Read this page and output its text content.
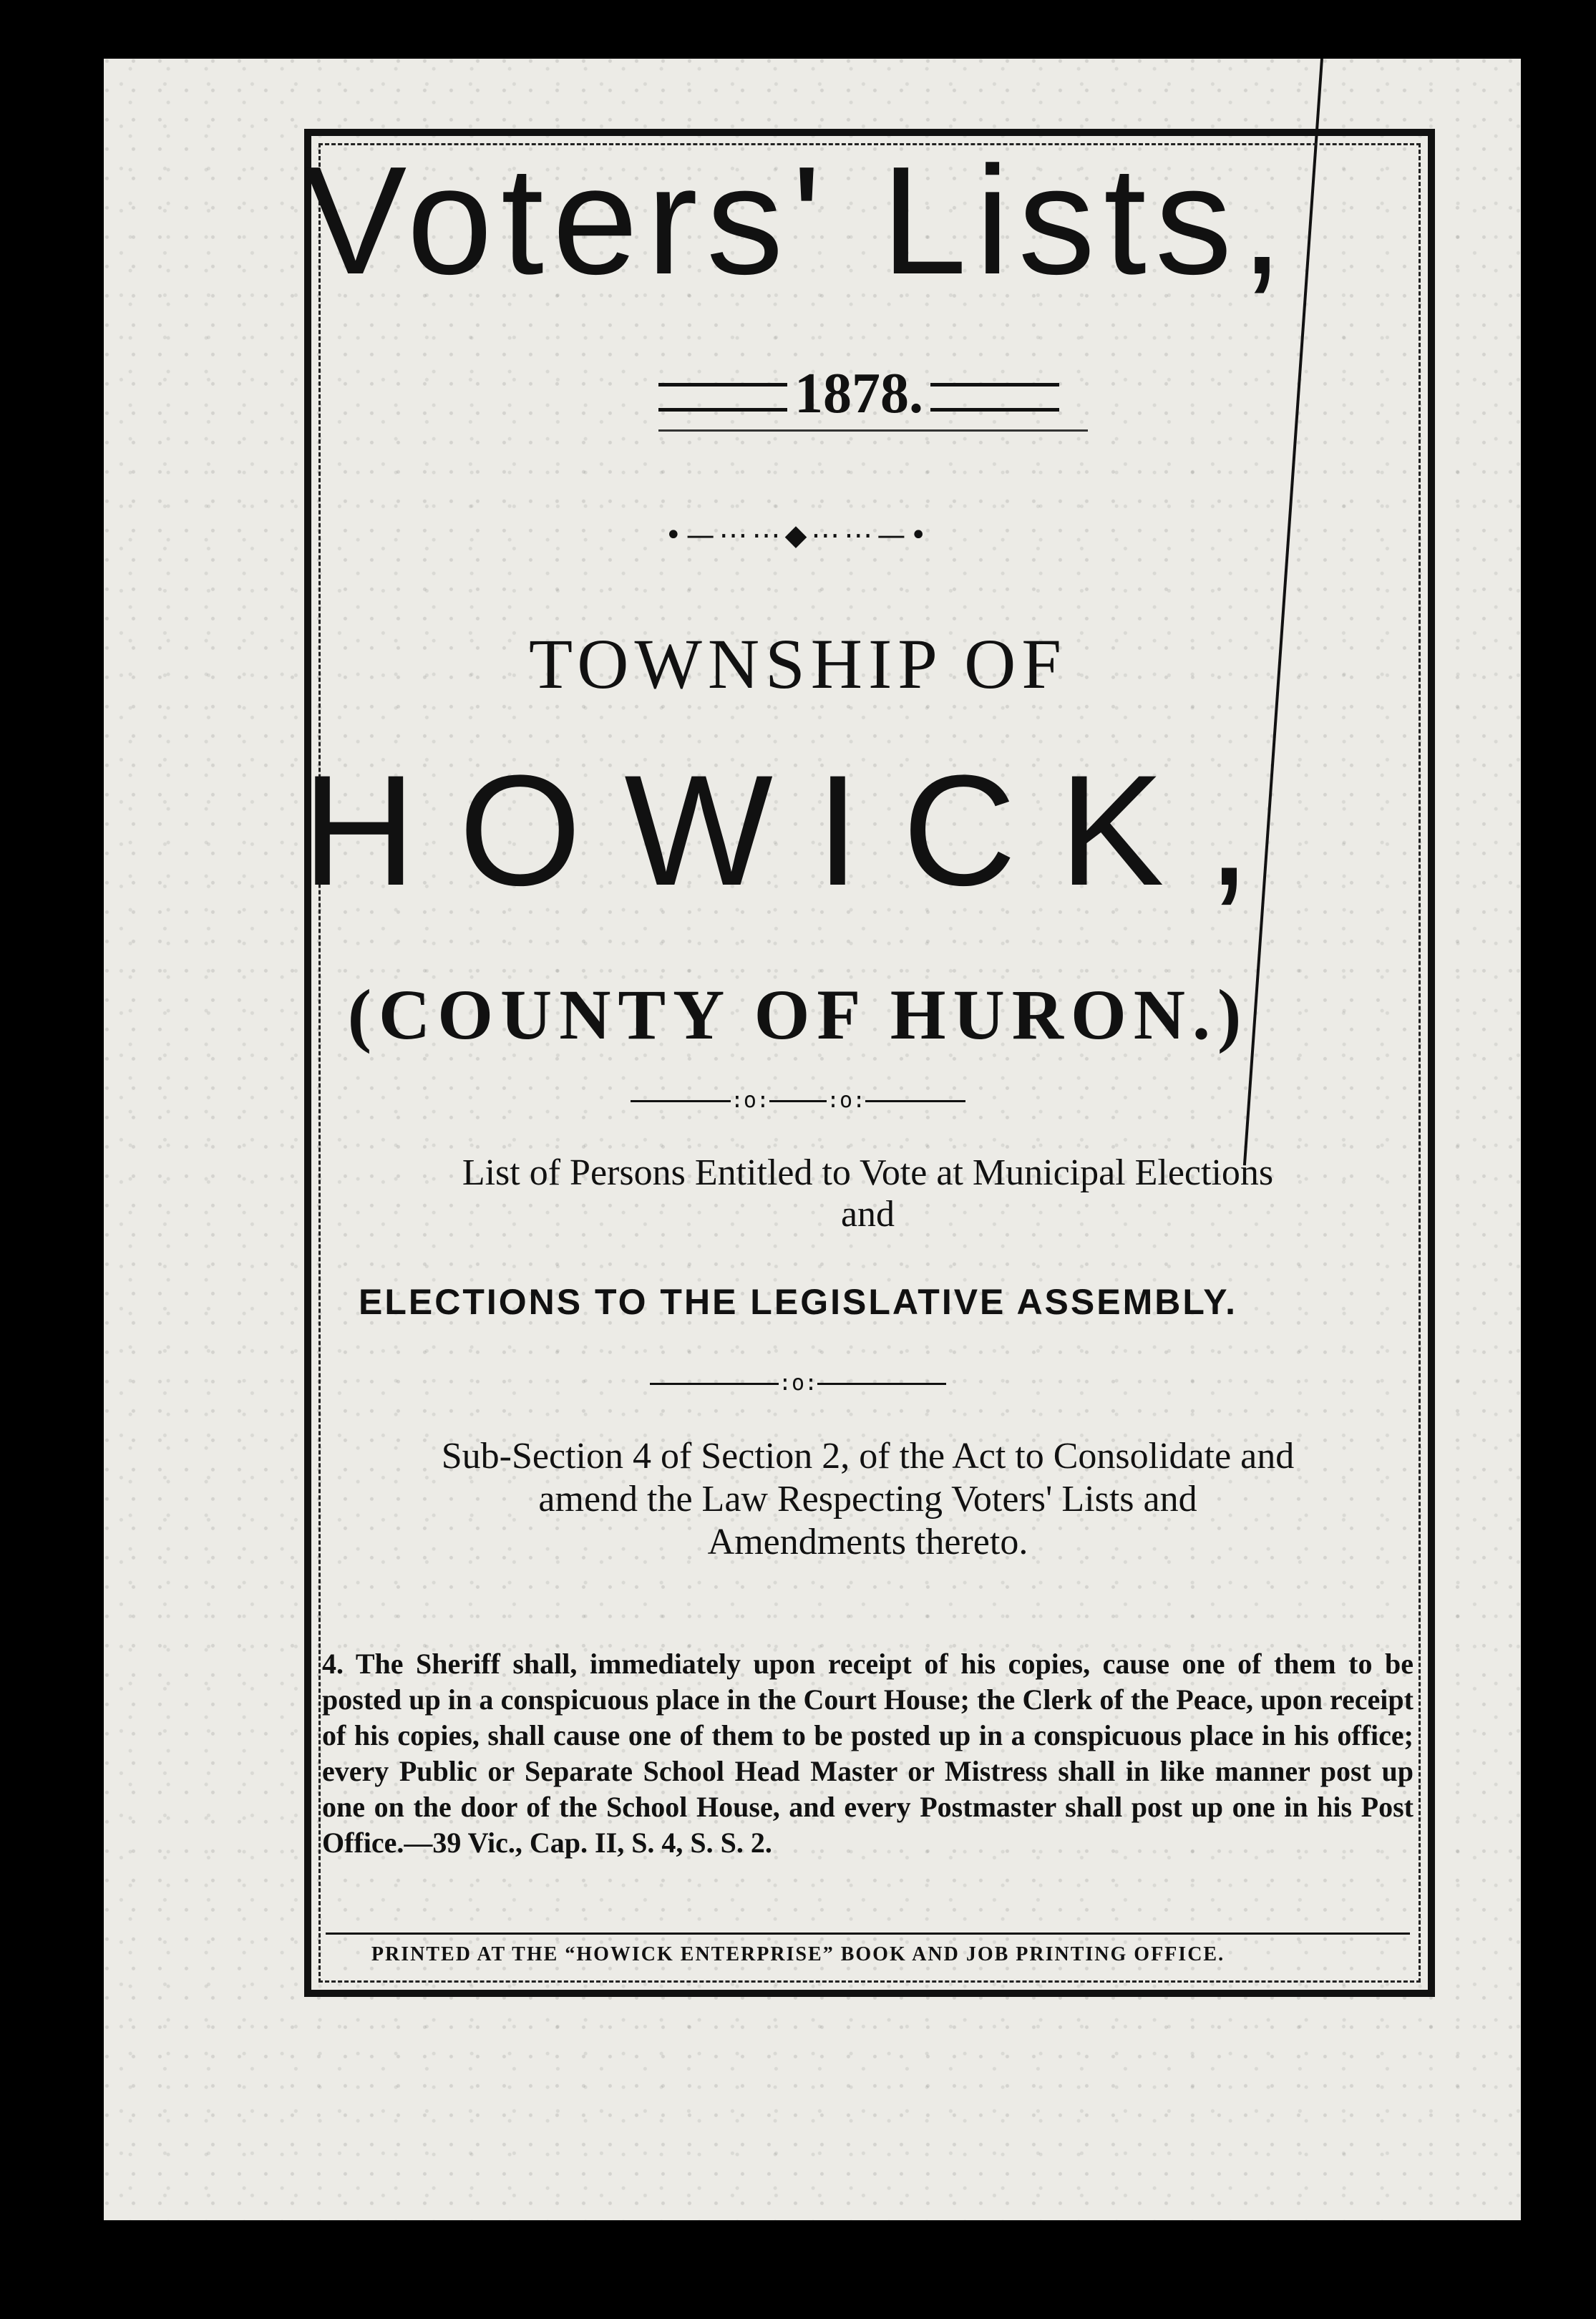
Voters' Lists,
1878.
•—⋯⋯◆⋯⋯—•
TOWNSHIP OF
HOWICK,
(COUNTY OF HURON.)
:o:	:o:
List of Persons Entitled to Vote at Municipal Elections
and
ELECTIONS TO THE LEGISLATIVE ASSEMBLY.
:o:
Sub-Section 4 of Section 2, of the Act to Consolidate and
amend the Law Respecting Voters' Lists and
Amendments thereto.
4. The Sheriff shall, immediately upon receipt of his copies, cause one of them to be posted up in a conspicuous place in the Court House; the Clerk of the Peace, upon receipt of his copies, shall cause one of them to be posted up in a conspicuous place in his office; every Public or Separate School Head Master or Mistress shall in like manner post up one on the door of the School House, and every Postmaster shall post up one in his Post Office.—39 Vic., Cap. II, S. 4, S. S. 2.
PRINTED AT THE “HOWICK ENTERPRISE” BOOK AND JOB PRINTING OFFICE.
